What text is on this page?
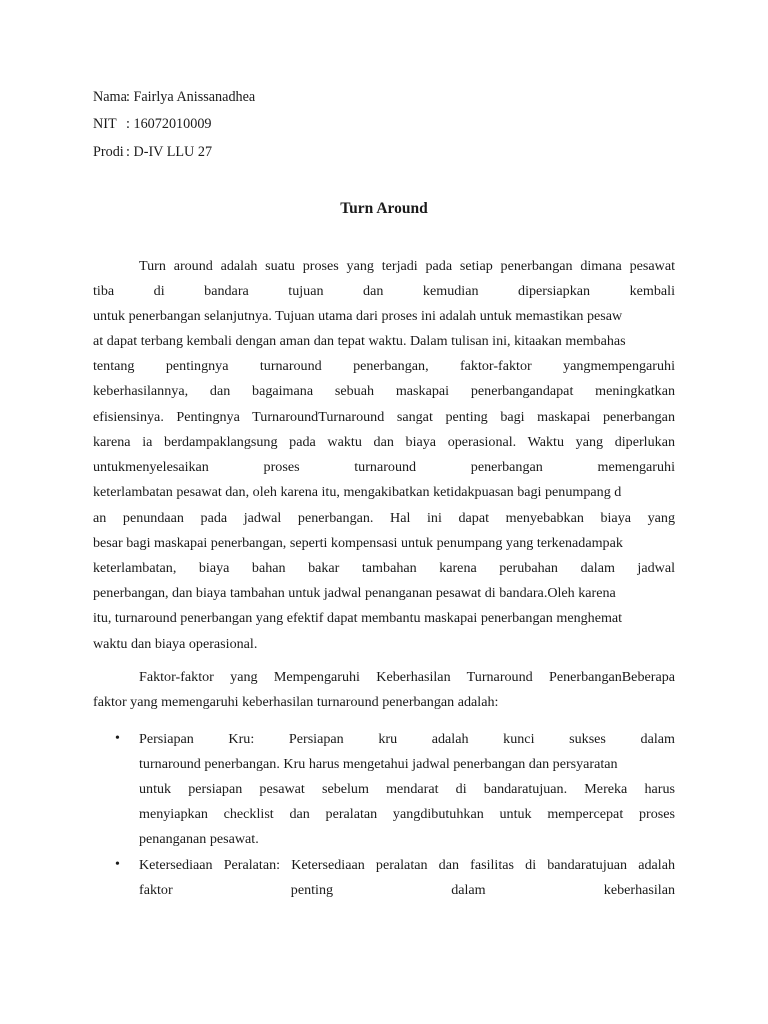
Nama : Fairlya Anissanadhea
NIT : 16072010009
Prodi : D-IV LLU 27
Turn Around
Turn around adalah suatu proses yang terjadi pada setiap penerbangan dimana pesawat
tiba di bandara tujuan dan kemudian dipersiapkan kembali
untuk penerbangan selanjutnya. Tujuan utama dari proses ini adalah untuk memastikan pesaw
at dapat terbang kembali dengan aman dan tepat waktu. Dalam tulisan ini, kitaakan membahas
tentang pentingnya turnaround penerbangan, faktor-faktor yangmempengaruhi
keberhasilannya, dan bagaimana sebuah maskapai penerbangandapat meningkatkan
efisiensinya. Pentingnya TurnaroundTurnaround sangat penting bagi maskapai penerbangan
karena ia berdampaklangsung pada waktu dan biaya operasional. Waktu yang diperlukan
untukmenyelesaikan proses turnaround penerbangan memengaruhi
keterlambatan pesawat dan, oleh karena itu, mengakibatkan ketidakpuasan bagi penumpang d
an penundaan pada jadwal penerbangan. Hal ini dapat menyebabkan biaya yang
besar bagi maskapai penerbangan, seperti kompensasi untuk penumpang yang terkenadampak
keterlambatan, biaya bahan bakar tambahan karena perubahan dalam jadwal
penerbangan, dan biaya tambahan untuk jadwal penanganan pesawat di bandara.Oleh karena
itu, turnaround penerbangan yang efektif dapat membantu maskapai penerbangan menghemat
waktu dan biaya operasional.
Faktor-faktor yang Mempengaruhi Keberhasilan Turnaround PenerbanganBeberapa
faktor yang memengaruhi keberhasilan turnaround penerbangan adalah:
• Persiapan Kru: Persiapan kru adalah kunci sukses dalam
turnaround penerbangan. Kru harus mengetahui jadwal penerbangan dan persyaratan
untuk persiapan pesawat sebelum mendarat di bandaratujuan. Mereka harus
menyiapkan checklist dan peralatan yangdibutuhkan untuk mempercepat proses
penanganan pesawat.
• Ketersediaan Peralatan: Ketersediaan peralatan dan fasilitas di bandaratujuan adalah
faktor penting dalam keberhasilan
